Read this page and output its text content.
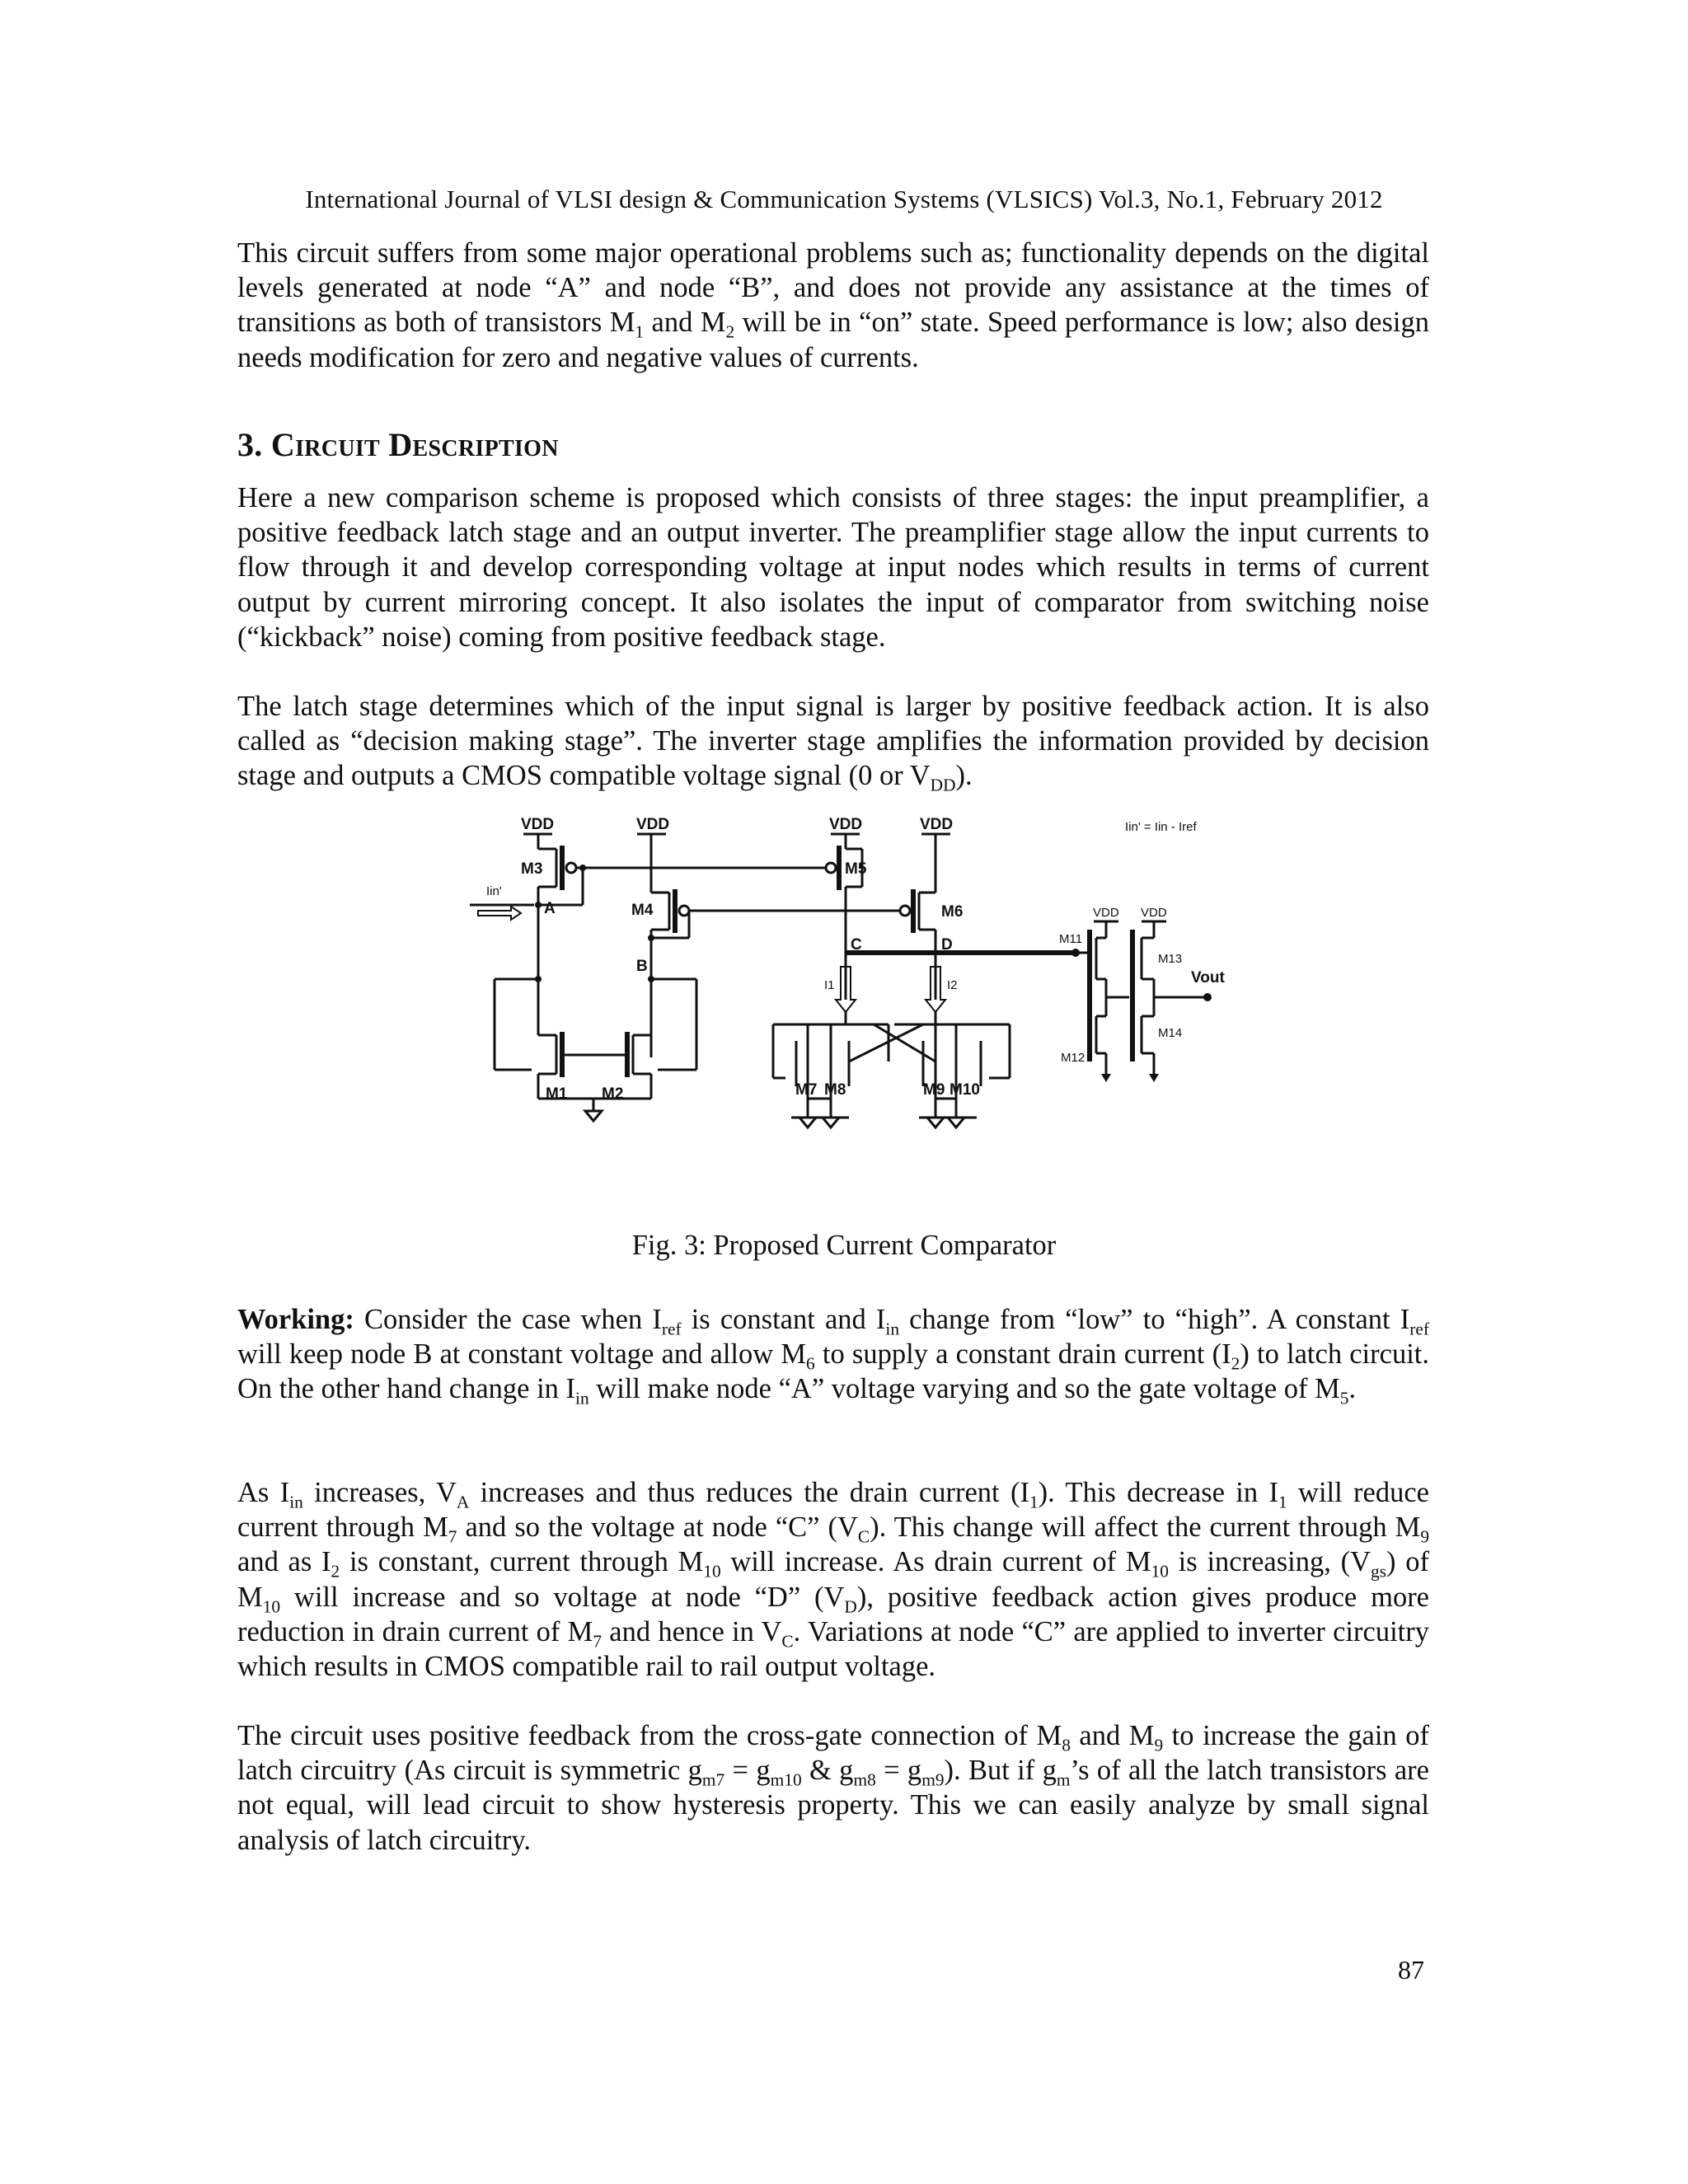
International Journal of VLSI design & Communication Systems (VLSICS) Vol.3, No.1, February 2012

This circuit suffers from some major operational problems such as; functionality depends on the digital levels generated at node “A” and node “B”, and does not provide any assistance at the times of transitions as both of transistors $M_1$ and $M_2$ will be in “on” state. Speed performance is low; also design needs modification for zero and negative values of currents.

3. Circuit Description

Here a new comparison scheme is proposed which consists of three stages: the input preamplifier, a positive feedback latch stage and an output inverter. The preamplifier stage allow the input currents to flow through it and develop corresponding voltage at input nodes which results in terms of current output by current mirroring concept. It also isolates the input of comparator from switching noise (“kickback” noise) coming from positive feedback stage.

The latch stage determines which of the input signal is larger by positive feedback action. It is also called as “decision making stage”. The inverter stage amplifies the information provided by decision stage and outputs a CMOS compatible voltage signal (0 or $V_{DD}$).

VDD	VDD	VDD	VDD
VDD VDD
Iin' = Iin - Iref
M3	M5
M4	M6
A
Iin'
B
M1 M2
C	D
I1	I2
M7 M8	M9 M10
M11
M12
M13
M14
Vout
Fig. 3: Proposed Current Comparator

Working: Consider the case when $I_{ref}$ is constant and $I_{in}$ change from “low” to “high”. A constant $I_{ref}$ will keep node B at constant voltage and allow $M_6$ to supply a constant drain current $(I_2)$ to latch circuit. On the other hand change in $I_{in}$ will make node “A” voltage varying and so the gate voltage of $M_5$.

As $I_{in}$ increases, $V_A$ increases and thus reduces the drain current $(I_1)$. This decrease in $I_1$ will reduce current through $M_7$ and so the voltage at node “C” $(V_C)$. This change will affect the current through $M_9$ and as $I_2$ is constant, current through $M_{10}$ will increase. As drain current of $M_{10}$ is increasing, $(V_{gs})$ of $M_{10}$ will increase and so voltage at node “D” $(V_D)$, positive feedback action gives produce more reduction in drain current of $M_7$ and hence in $V_C$. Variations at node “C” are applied to inverter circuitry which results in CMOS compatible rail to rail output voltage.

The circuit uses positive feedback from the cross-gate connection of $M_8$ and $M_9$ to increase the gain of latch circuitry (As circuit is symmetric $g_{m7} = g_{m10}$ & $g_{m8} = g_{m9}$). But if $g_m’s$ of all the latch transistors are not equal, will lead circuit to show hysteresis property. This we can easily analyze by small signal analysis of latch circuitry.

87
